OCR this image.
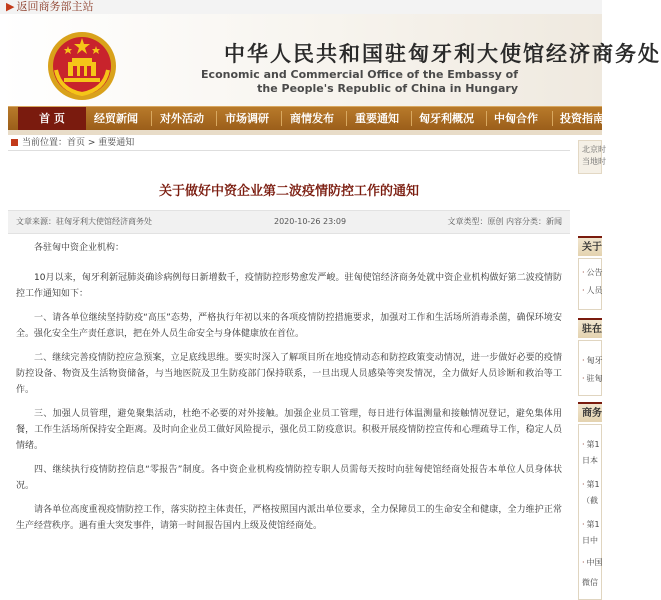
▶ 返回商务部主站
中华人民共和国驻匈牙利大使馆经济商务处
Economic and Commercial Office of the Embassy of
the People's Republic of China in Hungary
首 页	经贸新闻 对外活动 市场调研 商情发布 重要通知 匈牙利概况 中匈合作 投资指南
当前位置：首页 > 重要通知
关于做好中资企业第二波疫情防控工作的通知
文章来源：驻匈牙利大使馆经济商务处	2020-10-26 23:09	文章类型：原创 内容分类：新闻

各驻匈中资企业机构：

10月以来，匈牙利新冠肺炎确诊病例每日新增数千，疫情防控形势愈发严峻。驻匈使馆经济商务处就中资企业机构做好第二波疫情防控工作通知如下：

一、请各单位继续坚持防疫“高压”态势，严格执行年初以来的各项疫情防控措施要求，加强对工作和生活场所消毒杀菌，确保环境安全。强化安全生产责任意识，把在外人员生命安全与身体健康放在首位。

二、继续完善疫情防控应急预案，立足底线思维。要实时深入了解项目所在地疫情动态和防控政策变动情况，进一步做好必要的疫情防控设备、物资及生活物资储备，与当地医院及卫生防疫部门保持联系，一旦出现人员感染等突发情况，全力做好人员诊断和救治等工作。

三、加强人员管理，避免聚集活动，杜绝不必要的对外接触。加强企业员工管理，每日进行体温测量和接触情况登记，避免集体用餐，工作生活场所保持安全距离。及时向企业员工做好风险提示，强化员工防疫意识。积极开展疫情防控宣传和心理疏导工作，稳定人员情绪。

四、继续执行疫情防控信息“零报告”制度。各中资企业机构疫情防控专职人员需每天按时向驻匈使馆经商处报告本单位人员身体状况。

请各单位高度重视疫情防控工作，落实防控主体责任，严格按照国内派出单位要求，全力保障员工的生命安全和健康，全力维护正常生产经营秩序。遇有重大突发事件，请第一时间报告国内上级及使馆经商处。

北京时
当地时
关于
· 公告
· 人员
驻在
· 匈牙
· 驻匈
商务
· 第1
日本
· 第1
（截
· 第1
日中
· 中国
微信
